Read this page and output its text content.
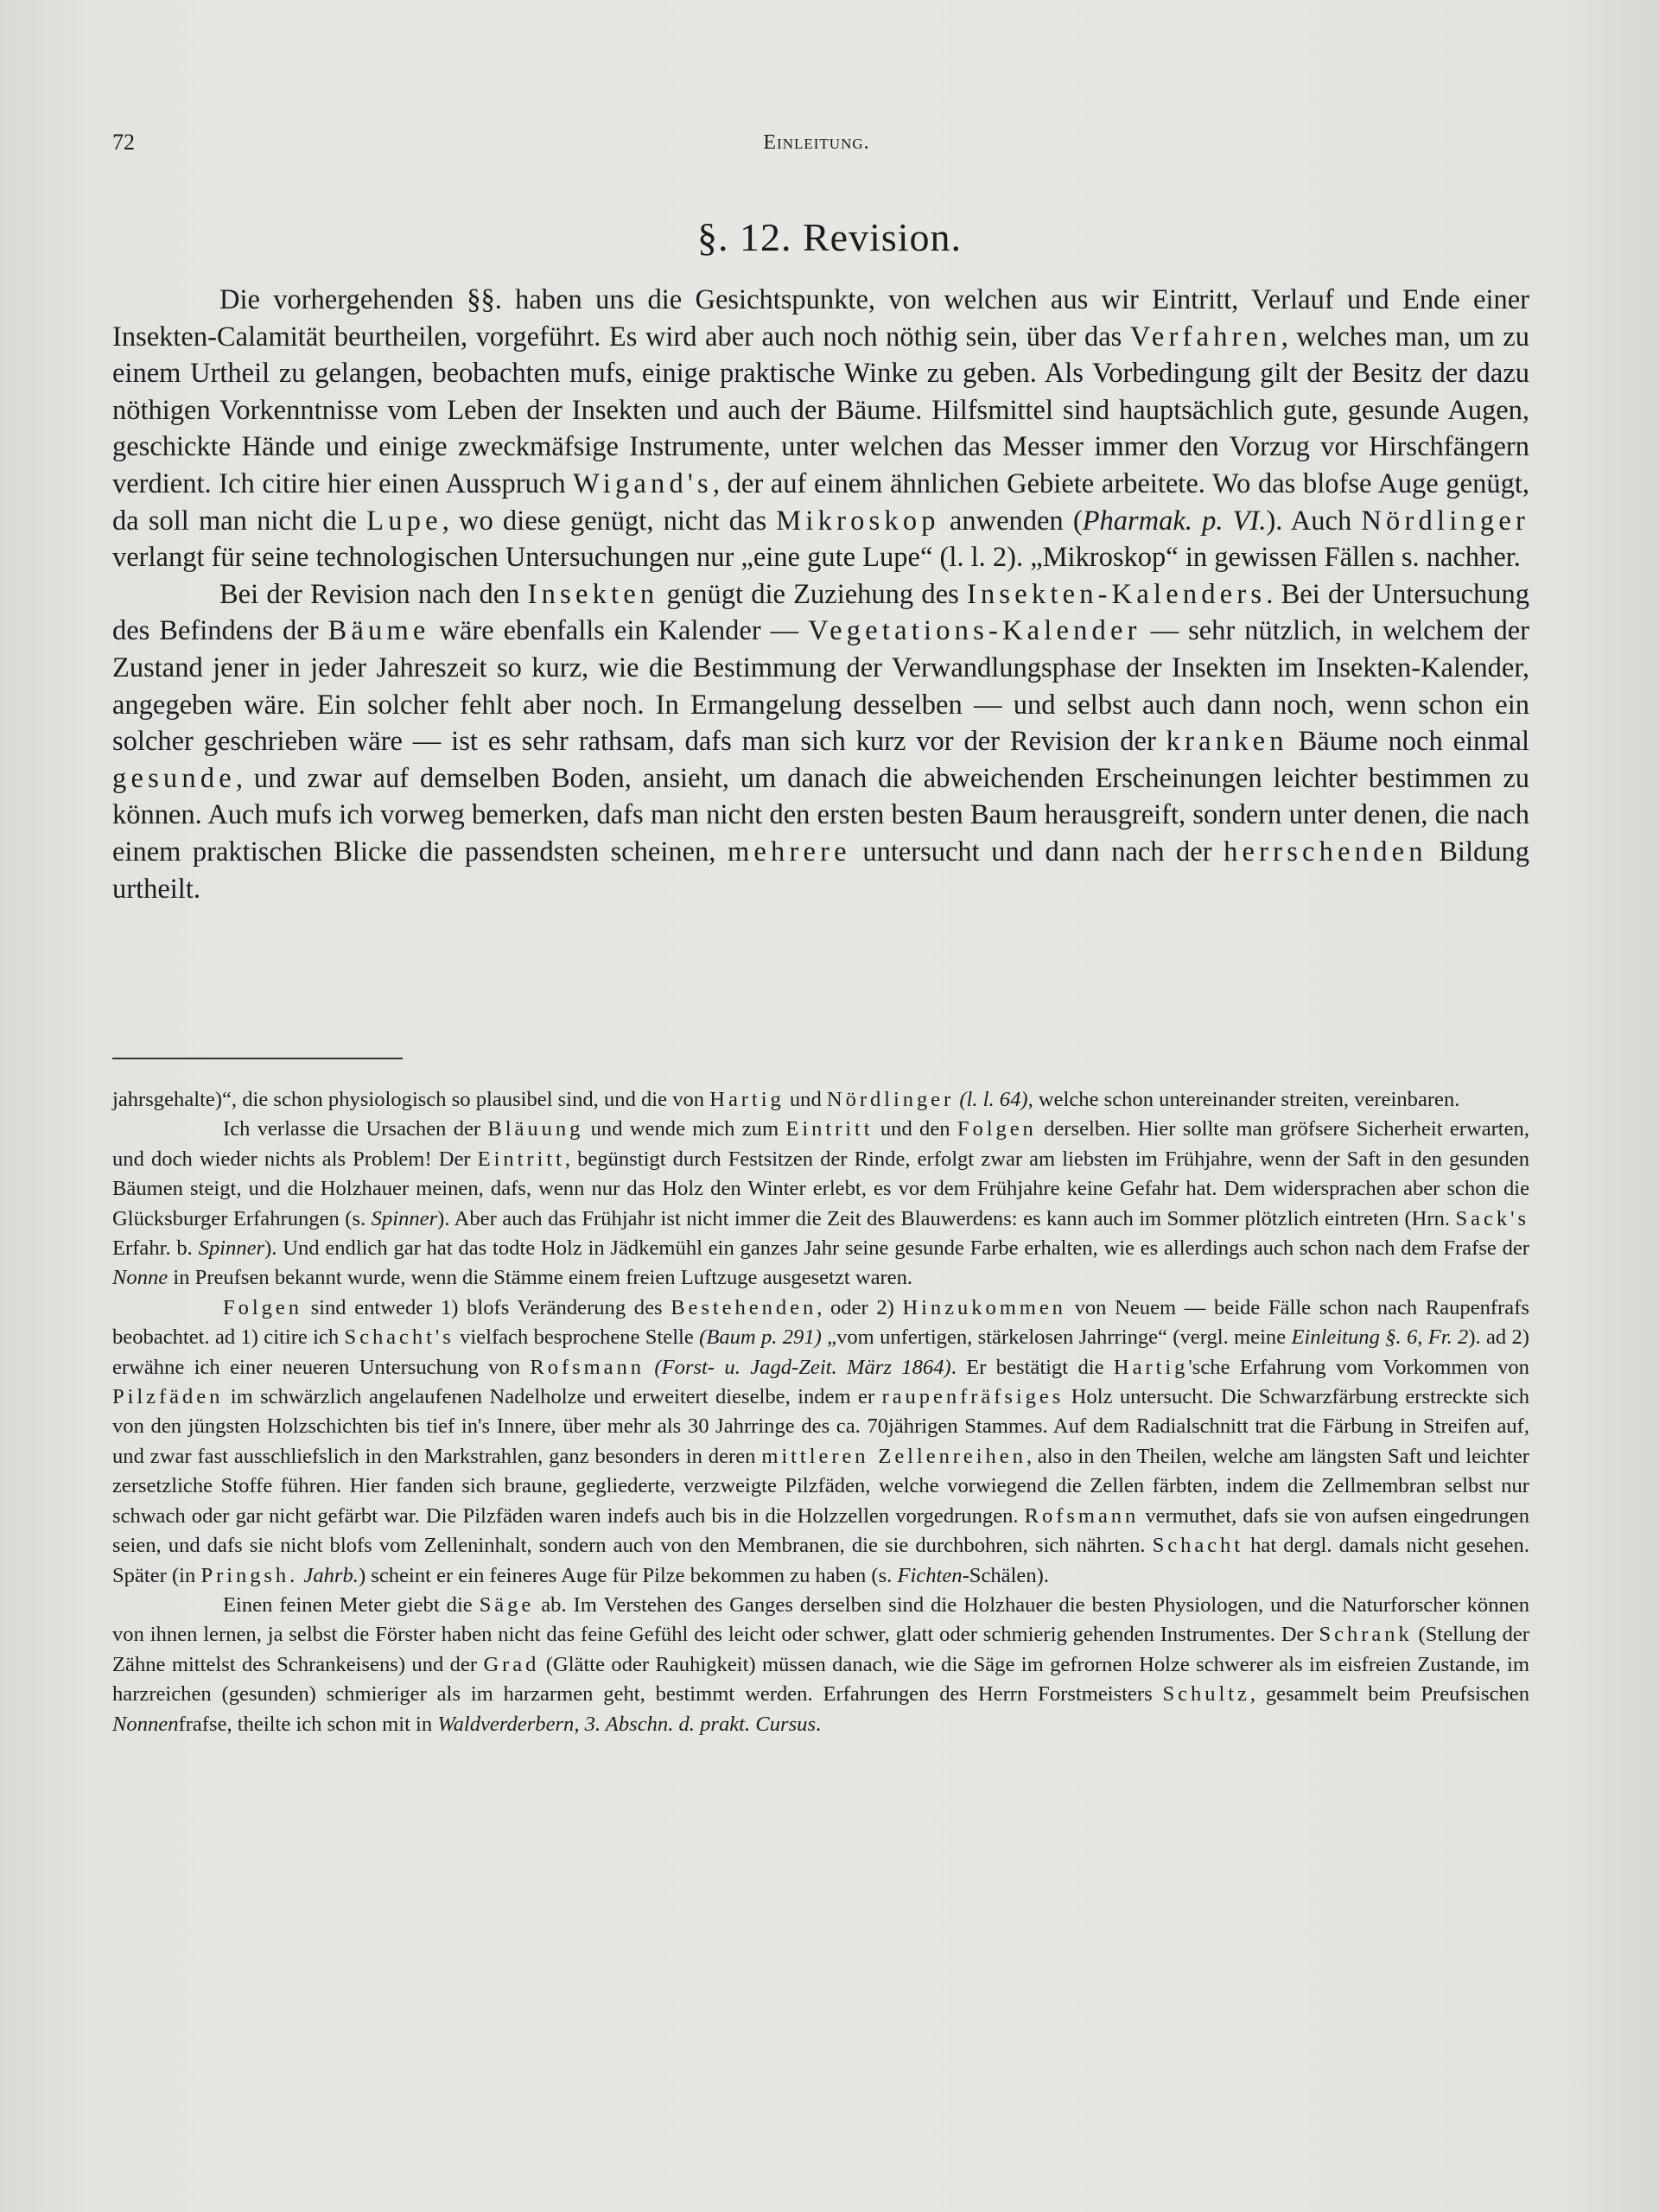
72	Einleitung.
§. 12. Revision.

Die vorhergehenden §§. haben uns die Gesichtspunkte, von welchen aus wir Eintritt, Verlauf und Ende einer Insekten-Calamität beurtheilen, vorgeführt. Es wird aber auch noch nöthig sein, über das Verfahren, welches man, um zu einem Urtheil zu gelangen, beobachten mufs, einige praktische Winke zu geben. Als Vorbedingung gilt der Besitz der dazu nöthigen Vorkenntnisse vom Leben der Insekten und auch der Bäume. Hilfsmittel sind hauptsächlich gute, gesunde Augen, geschickte Hände und einige zweckmäfsige Instrumente, unter welchen das Messer immer den Vorzug vor Hirschfängern verdient. Ich citire hier einen Ausspruch Wigand's, der auf einem ähnlichen Gebiete arbeitete. Wo das blofse Auge genügt, da soll man nicht die Lupe, wo diese genügt, nicht das Mikroskop anwenden (Pharmak. p. VI.). Auch Nördlinger verlangt für seine technologischen Untersuchungen nur „eine gute Lupe“ (l. l. 2). „Mikroskop“ in gewissen Fällen s. nachher.

Bei der Revision nach den Insekten genügt die Zuziehung des Insekten-Kalenders. Bei der Untersuchung des Befindens der Bäume wäre ebenfalls ein Kalender — Vegetations-Kalender — sehr nützlich, in welchem der Zustand jener in jeder Jahreszeit so kurz, wie die Bestimmung der Verwandlungsphase der Insekten im Insekten-Kalender, angegeben wäre. Ein solcher fehlt aber noch. In Ermangelung desselben — und selbst auch dann noch, wenn schon ein solcher geschrieben wäre — ist es sehr rathsam, dafs man sich kurz vor der Revision der kranken Bäume noch einmal gesunde, und zwar auf demselben Boden, ansieht, um danach die abweichenden Erscheinungen leichter bestimmen zu können. Auch mufs ich vorweg bemerken, dafs man nicht den ersten besten Baum herausgreift, sondern unter denen, die nach einem praktischen Blicke die passendsten scheinen, mehrere untersucht und dann nach der herrschenden Bildung urtheilt.

jahrsgehalte)“, die schon physiologisch so plausibel sind, und die von Hartig und Nördlinger (l. l. 64), welche schon untereinander streiten, vereinbaren.

Ich verlasse die Ursachen der Bläuung und wende mich zum Eintritt und den Folgen derselben. Hier sollte man gröfsere Sicherheit erwarten, und doch wieder nichts als Problem! Der Eintritt, begünstigt durch Festsitzen der Rinde, erfolgt zwar am liebsten im Frühjahre, wenn der Saft in den gesunden Bäumen steigt, und die Holzhauer meinen, dafs, wenn nur das Holz den Winter erlebt, es vor dem Frühjahre keine Gefahr hat. Dem widersprachen aber schon die Glücksburger Erfahrungen (s. Spinner). Aber auch das Frühjahr ist nicht immer die Zeit des Blauwerdens: es kann auch im Sommer plötzlich eintreten (Hrn. Sack's Erfahr. b. Spinner). Und endlich gar hat das todte Holz in Jädkemühl ein ganzes Jahr seine gesunde Farbe erhalten, wie es allerdings auch schon nach dem Frafse der Nonne in Preufsen bekannt wurde, wenn die Stämme einem freien Luftzuge ausgesetzt waren.

Folgen sind entweder 1) blofs Veränderung des Bestehenden, oder 2) Hinzukommen von Neuem — beide Fälle schon nach Raupenfrafs beobachtet. ad 1) citire ich Schacht's vielfach besprochene Stelle (Baum p. 291) „vom unfertigen, stärkelosen Jahrringe“ (vergl. meine Einleitung §. 6, Fr. 2). ad 2) erwähne ich einer neueren Untersuchung von Rofsmann (Forst- u. Jagd-Zeit. März 1864). Er bestätigt die Hartig'sche Erfahrung vom Vorkommen von Pilzfäden im schwärzlich angelaufenen Nadelholze und erweitert dieselbe, indem er raupenfräfsiges Holz untersucht. Die Schwarzfärbung erstreckte sich von den jüngsten Holzschichten bis tief in's Innere, über mehr als 30 Jahrringe des ca. 70jährigen Stammes. Auf dem Radialschnitt trat die Färbung in Streifen auf, und zwar fast ausschliefslich in den Markstrahlen, ganz besonders in deren mittleren Zellenreihen, also in den Theilen, welche am längsten Saft und leichter zersetzliche Stoffe führen. Hier fanden sich braune, gegliederte, verzweigte Pilzfäden, welche vorwiegend die Zellen färbten, indem die Zellmembran selbst nur schwach oder gar nicht gefärbt war. Die Pilzfäden waren indefs auch bis in die Holzzellen vorgedrungen. Rofsmann vermuthet, dafs sie von aufsen eingedrungen seien, und dafs sie nicht blofs vom Zelleninhalt, sondern auch von den Membranen, die sie durchbohren, sich nährten. Schacht hat dergl. damals nicht gesehen. Später (in Pringsh. Jahrb.) scheint er ein feineres Auge für Pilze bekommen zu haben (s. Fichten-Schälen).

Einen feinen Meter giebt die Säge ab. Im Verstehen des Ganges derselben sind die Holzhauer die besten Physiologen, und die Naturforscher können von ihnen lernen, ja selbst die Förster haben nicht das feine Gefühl des leicht oder schwer, glatt oder schmierig gehenden Instrumentes. Der Schrank (Stellung der Zähne mittelst des Schrankeisens) und der Grad (Glätte oder Rauhigkeit) müssen danach, wie die Säge im gefrornen Holze schwerer als im eisfreien Zustande, im harzreichen (gesunden) schmieriger als im harzarmen geht, bestimmt werden. Erfahrungen des Herrn Forstmeisters Schultz, gesammelt beim Preufsischen Nonnenfrafse, theilte ich schon mit in Waldverderbern, 3. Abschn. d. prakt. Cursus.
